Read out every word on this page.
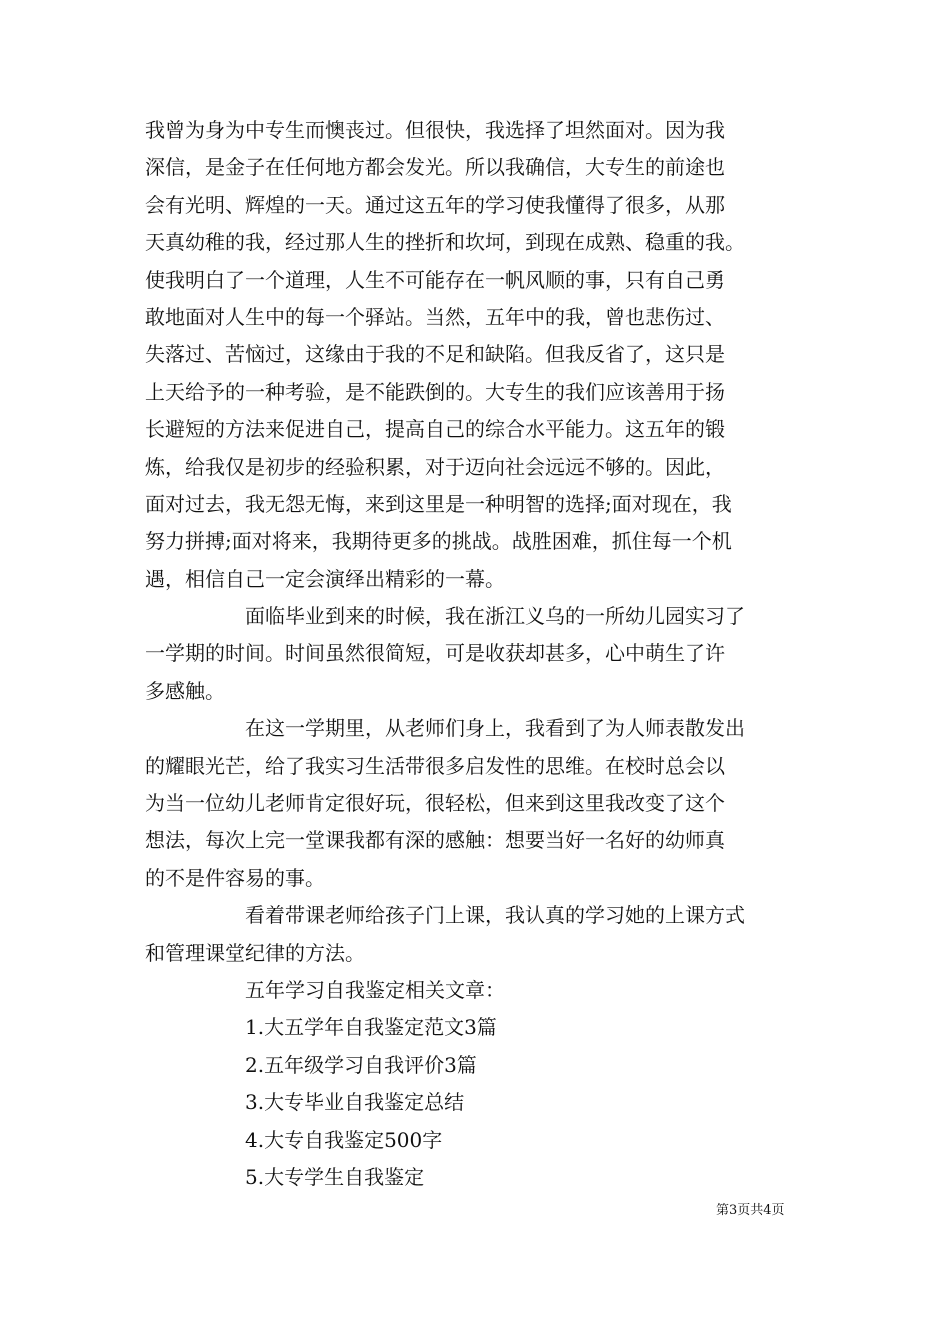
我曾为身为中专生而懊丧过。但很快，我选择了坦然面对。因为我
深信，是金子在任何地方都会发光。所以我确信，大专生的前途也
会有光明、辉煌的一天。通过这五年的学习使我懂得了很多，从那
天真幼稚的我，经过那人生的挫折和坎坷，到现在成熟、稳重的我。
使我明白了一个道理，人生不可能存在一帆风顺的事，只有自己勇
敢地面对人生中的每一个驿站。当然，五年中的我，曾也悲伤过、
失落过、苦恼过，这缘由于我的不足和缺陷。但我反省了，这只是
上天给予的一种考验，是不能跌倒的。大专生的我们应该善用于扬
长避短的方法来促进自己，提高自己的综合水平能力。这五年的锻
炼，给我仅是初步的经验积累，对于迈向社会远远不够的。因此，
面对过去，我无怨无悔，来到这里是一种明智的选择;面对现在，我
努力拼搏;面对将来，我期待更多的挑战。战胜困难，抓住每一个机
遇，相信自己一定会演绎出精彩的一幕。
面临毕业到来的时候，我在浙江义乌的一所幼儿园实习了
一学期的时间。时间虽然很简短，可是收获却甚多，心中萌生了许
多感触。
在这一学期里，从老师们身上，我看到了为人师表散发出
的耀眼光芒，给了我实习生活带很多启发性的思维。在校时总会以
为当一位幼儿老师肯定很好玩，很轻松，但来到这里我改变了这个
想法，每次上完一堂课我都有深的感触：想要当好一名好的幼师真
的不是件容易的事。
看着带课老师给孩子门上课，我认真的学习她的上课方式
和管理课堂纪律的方法。
五年学习自我鉴定相关文章：
1.大五学年自我鉴定范文3篇
2.五年级学习自我评价3篇
3.大专毕业自我鉴定总结
4.大专自我鉴定500字
5.大专学生自我鉴定
第3页共4页
